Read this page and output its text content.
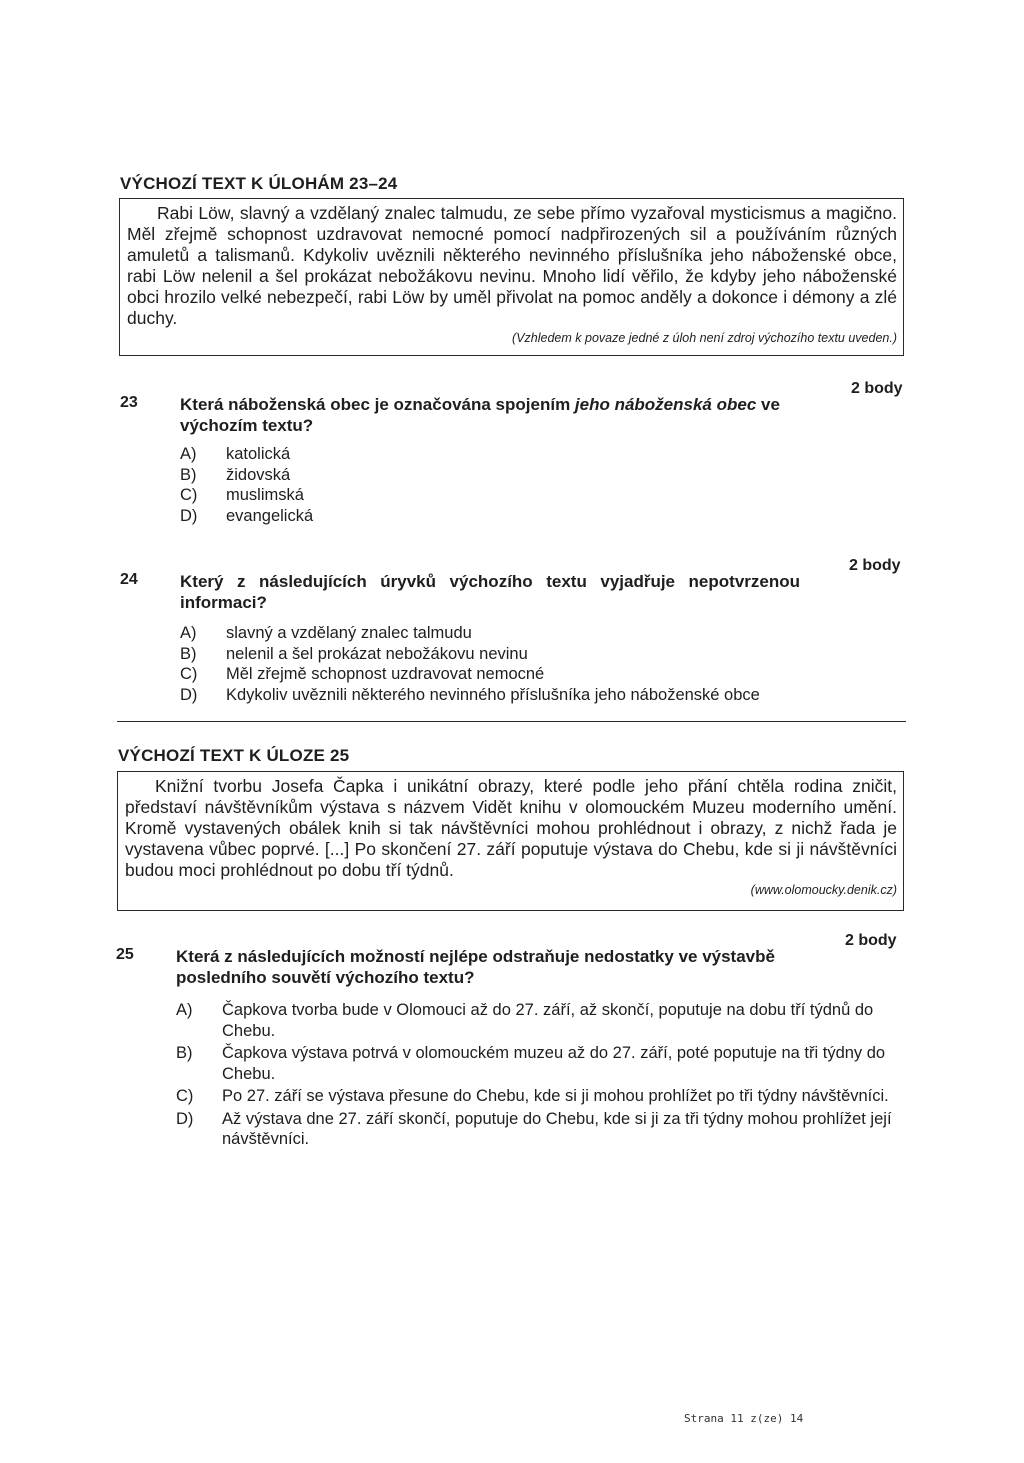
VÝCHOZÍ TEXT K ÚLOHÁM 23–24

Rabi Löw, slavný a vzdělaný znalec talmudu, ze sebe přímo vyzařoval mysticismus a magično. Měl zřejmě schopnost uzdravovat nemocné pomocí nadpřirozených sil a používáním různých amuletů a talismanů. Kdykoliv uvěznili některého nevinného příslušníka jeho náboženské obce, rabi Löw nelenil a šel prokázat nebožákovu nevinu. Mnoho lidí věřilo, že kdyby jeho náboženské obci hrozilo velké nebezpečí, rabi Löw by uměl přivolat na pomoc anděly a dokonce i démony a zlé duchy.

(Vzhledem k povaze jedné z úloh není zdroj výchozího textu uveden.)
2 body
23 Která náboženská obec je označována spojením jeho náboženská obec ve výchozím textu?
A)	katolická
B)	židovská
C)	muslimská
D)	evangelická
2 body
24 Který z následujících úryvků výchozího textu vyjadřuje nepotvrzenou informaci?
A)	slavný a vzdělaný znalec talmudu
B)	nelenil a šel prokázat nebožákovu nevinu
C)	Měl zřejmě schopnost uzdravovat nemocné
D)	Kdykoliv uvěznili některého nevinného příslušníka jeho náboženské obce
VÝCHOZÍ TEXT K ÚLOZE 25

Knižní tvorbu Josefa Čapka i unikátní obrazy, které podle jeho přání chtěla rodina zničit, představí návštěvníkům výstava s názvem Vidět knihu v olomouckém Muzeu moderního umění. Kromě vystavených obálek knih si tak návštěvníci mohou prohlédnout i obrazy, z nichž řada je vystavena vůbec poprvé. [...] Po skončení 27. září poputuje výstava do Chebu, kde si ji návštěvníci budou moci prohlédnout po dobu tří týdnů.

(www.olomoucky.denik.cz)
2 body
25 Která z následujících možností nejlépe odstraňuje nedostatky ve výstavbě posledního souvětí výchozího textu?
A)	Čapkova tvorba bude v Olomouci až do 27. září, až skončí, poputuje na dobu tří týdnů do Chebu.
B)	Čapkova výstava potrvá v olomouckém muzeu až do 27. září, poté poputuje na tři týdny do Chebu.
C)	Po 27. září se výstava přesune do Chebu, kde si ji mohou prohlížet po tři týdny návštěvníci.
D)	Až výstava dne 27. září skončí, poputuje do Chebu, kde si ji za tři týdny mohou prohlížet její návštěvníci.
Strana 11 z(ze) 14
